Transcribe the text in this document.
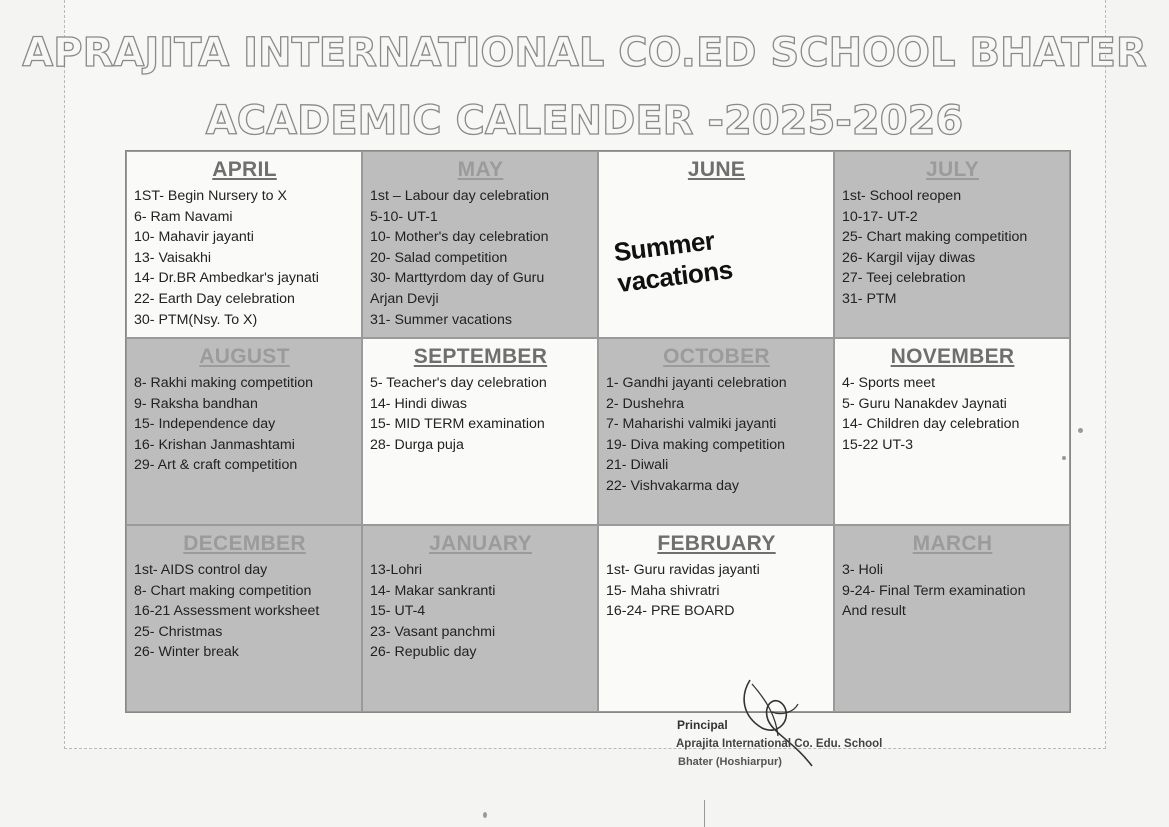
APRAJITA INTERNATIONAL CO.ED SCHOOL BHATER
ACADEMIC CALENDER -2025-2026
APRIL
1ST- Begin Nursery to X
6- Ram Navami
10- Mahavir jayanti
13- Vaisakhi
14- Dr.BR Ambedkar's jaynati
22- Earth Day celebration
30- PTM(Nsy. To X)
MAY
1st – Labour day celebration
5-10- UT-1
10- Mother's day celebration
20- Salad competition
30- Marttyrdom day of Guru
Arjan Devji
31- Summer vacations
JUNE
Summer vacations
JULY
1st- School reopen
10-17- UT-2
25- Chart making competition
26- Kargil vijay diwas
27- Teej celebration
31- PTM
AUGUST
8- Rakhi making competition
9- Raksha bandhan
15- Independence day
16- Krishan Janmashtami
29- Art & craft competition
SEPTEMBER
5- Teacher's day celebration
14- Hindi diwas
15- MID TERM examination
28- Durga puja
OCTOBER
1- Gandhi jayanti celebration
2- Dushehra
7- Maharishi valmiki jayanti
19- Diva making competition
21- Diwali
22- Vishvakarma day
NOVEMBER
4- Sports meet
5- Guru Nanakdev Jaynati
14- Children day celebration
15-22 UT-3
DECEMBER
1st- AIDS control day
8- Chart making competition
16-21 Assessment worksheet
25- Christmas
26- Winter break
JANUARY
13-Lohri
14- Makar sankranti
15- UT-4
23- Vasant panchmi
26- Republic day
FEBRUARY
1st- Guru ravidas jayanti
15- Maha shivratri
16-24- PRE BOARD
MARCH
3- Holi
9-24- Final Term examination
And result
Principal
Aprajita International Co. Edu. School
Bhater (Hoshiarpur)
